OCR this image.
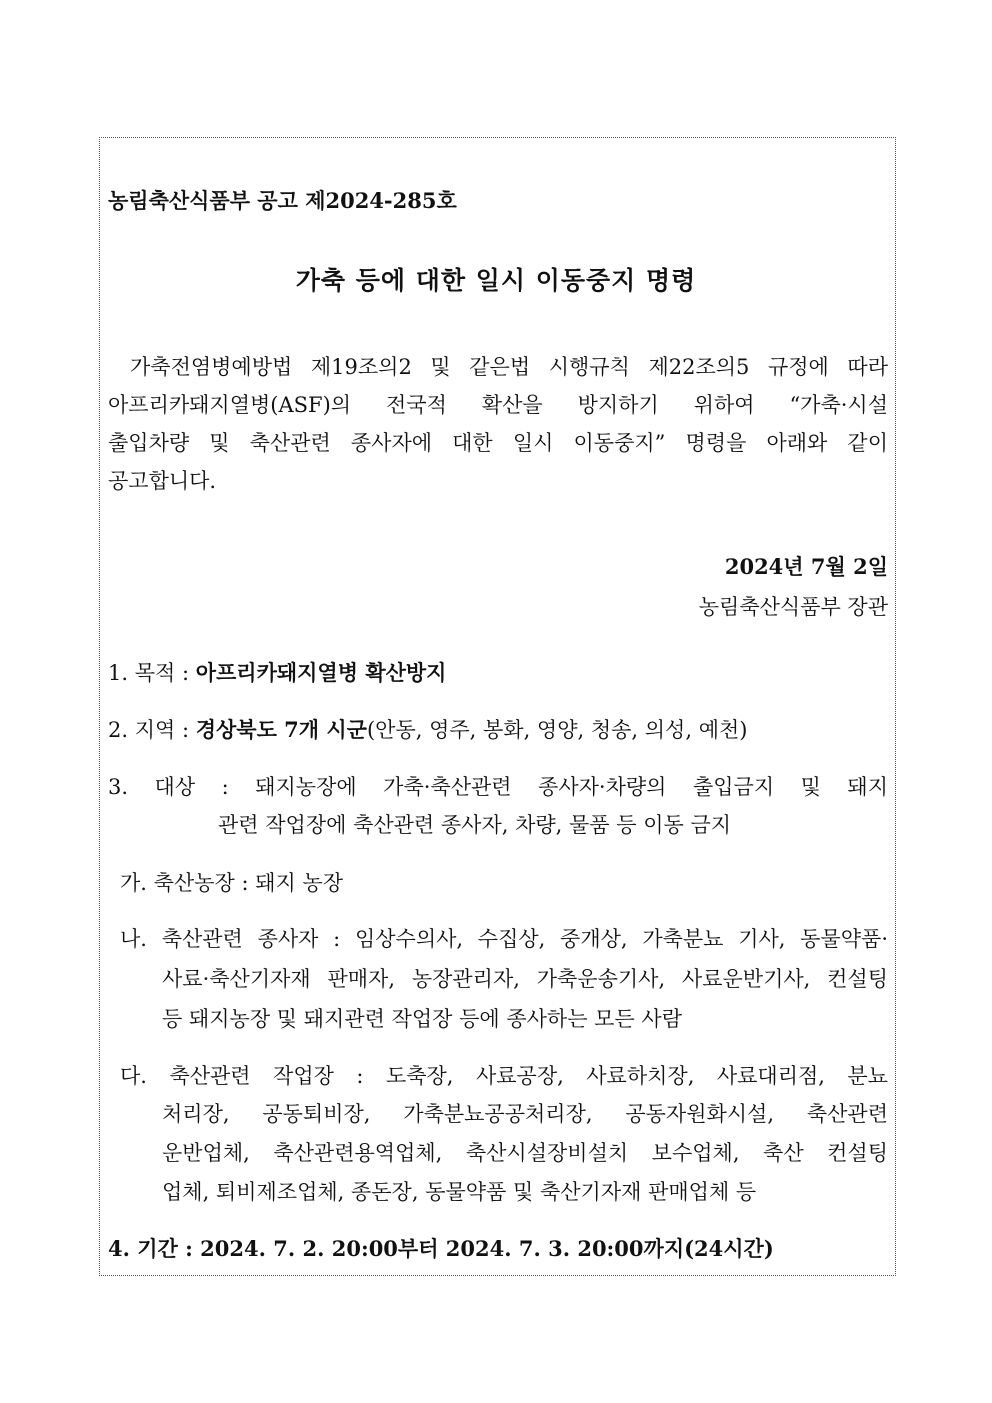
농림축산식품부 공고 제2024-285호
가축 등에 대한 일시 이동중지 명령
가축전염병예방법 제19조의2 및 같은법 시행규칙 제22조의5 규정에 따라
아프리카돼지열병(ASF)의 전국적 확산을 방지하기 위하여 “가축·시설
출입차량 및 축산관련 종사자에 대한 일시 이동중지” 명령을 아래와 같이
공고합니다.
2024년 7월 2일
농림축산식품부 장관
1. 목적 : 아프리카돼지열병 확산방지
2. 지역 : 경상북도 7개 시군(안동, 영주, 봉화, 영양, 청송, 의성, 예천)
3. 대상 : 돼지농장에 가축·축산관련 종사자·차량의 출입금지 및 돼지
관련 작업장에 축산관련 종사자, 차량, 물품 등 이동 금지
가. 축산농장 : 돼지 농장
나. 축산관련 종사자 : 임상수의사, 수집상, 중개상, 가축분뇨 기사, 동물약품·
사료·축산기자재 판매자, 농장관리자, 가축운송기사, 사료운반기사, 컨설팅
등 돼지농장 및 돼지관련 작업장 등에 종사하는 모든 사람
다. 축산관련 작업장 : 도축장, 사료공장, 사료하치장, 사료대리점, 분뇨
처리장, 공동퇴비장, 가축분뇨공공처리장, 공동자원화시설, 축산관련
운반업체, 축산관련용역업체, 축산시설장비설치 보수업체, 축산 컨설팅
업체, 퇴비제조업체, 종돈장, 동물약품 및 축산기자재 판매업체 등
4. 기간 : 2024. 7. 2. 20:00부터 2024. 7. 3. 20:00까지(24시간)
